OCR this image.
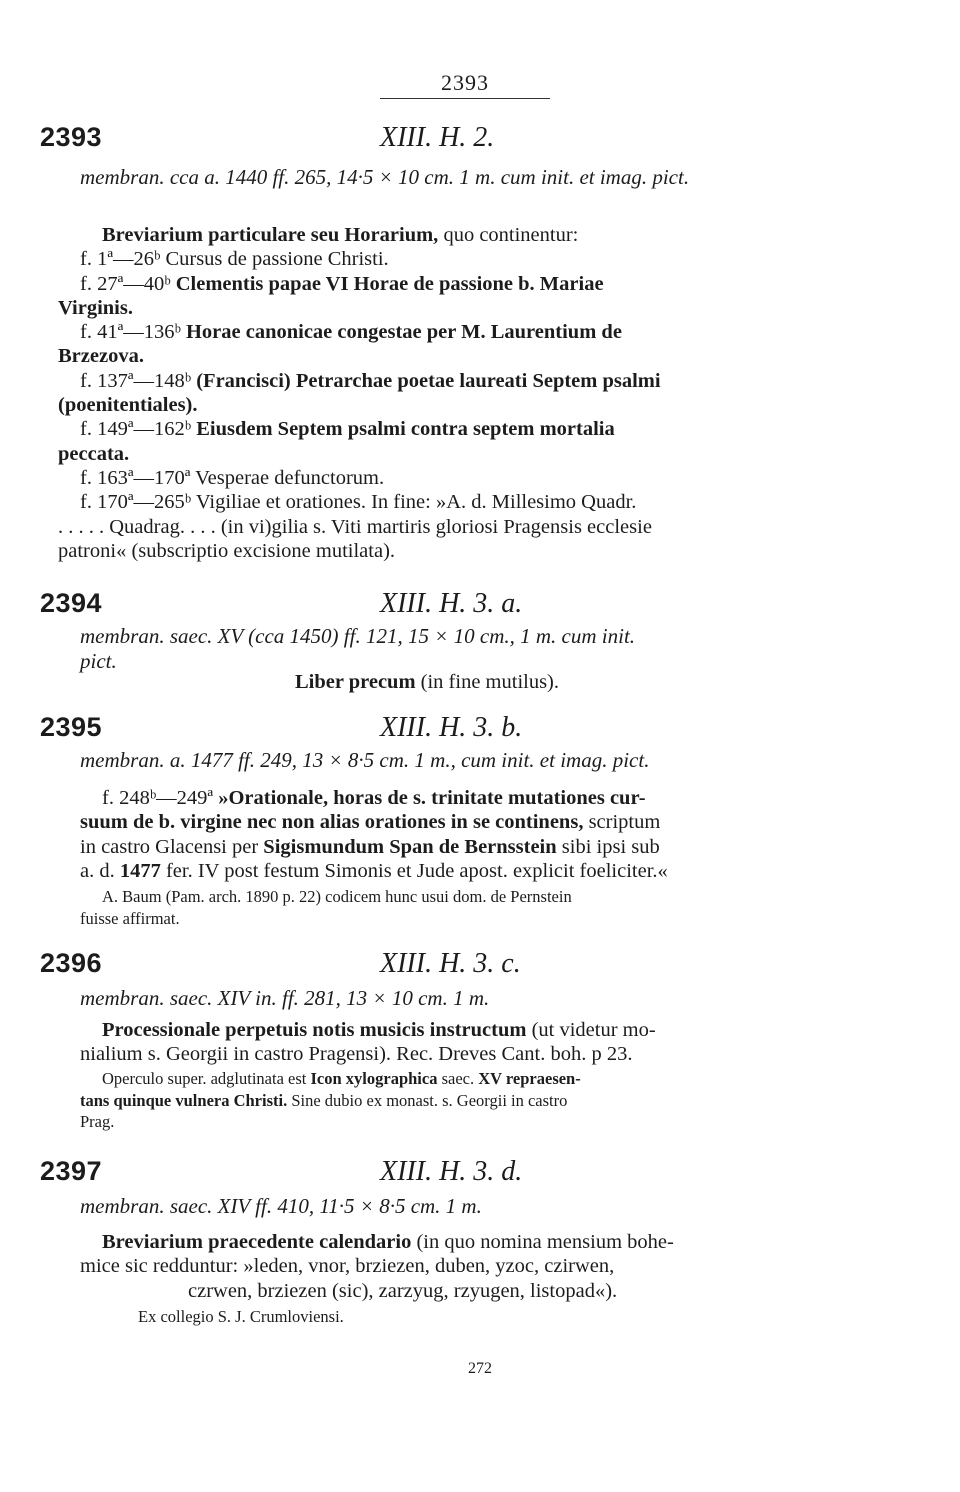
2393
2393	XIII. H. 2.
membran. cca a. 1440 ff. 265, 14·5 × 10 cm. 1 m. cum init. et imag. pict.
Breviarium particulare seu Horarium, quo continentur:
f. 1ª—26ᵇ Cursus de passione Christi.
f. 27ª—40ᵇ Clementis papae VI Horae de passione b. Mariae
Virginis.
f. 41ª—136ᵇ Horae canonicae congestae per M. Laurentium de
Brzezova.
f. 137ª—148ᵇ (Francisci) Petrarchae poetae laureati Septem psalmi
(poenitentiales).
f. 149ª—162ᵇ Eiusdem Septem psalmi contra septem mortalia
peccata.
f. 163ª—170ª Vesperae defunctorum.
f. 170ª—265ᵇ Vigiliae et orationes. In fine: »A. d. Millesimo Quadr.
. . . . . Quadrag. . . . (in vi)gilia s. Viti martiris gloriosi Pragensis ecclesie
patroni« (subscriptio excisione mutilata).
2394	XIII. H. 3. a.
membran. saec. XV (cca 1450) ff. 121, 15 × 10 cm., 1 m. cum init.
pict.
Liber precum (in fine mutilus).
2395	XIII. H. 3. b.
membran. a. 1477 ff. 249, 13 × 8·5 cm. 1 m., cum init. et imag. pict.
f. 248ᵇ—249ª »Orationale, horas de s. trinitate mutationes cur-
suum de b. virgine nec non alias orationes in se continens, scriptum
in castro Glacensi per Sigismundum Span de Bernsstein sibi ipsi sub
a. d. 1477 fer. IV post festum Simonis et Jude apost. explicit foeliciter.«
A. Baum (Pam. arch. 1890 p. 22) codicem hunc usui dom. de Pernstein
fuisse affirmat.
2396	XIII. H. 3. c.
membran. saec. XIV in. ff. 281, 13 × 10 cm. 1 m.
Processionale perpetuis notis musicis instructum (ut videtur mo-
nialium s. Georgii in castro Pragensi). Rec. Dreves Cant. boh. p 23.
Operculo super. adglutinata est Icon xylographica saec. XV repraesen-
tans quinque vulnera Christi. Sine dubio ex monast. s. Georgii in castro
Prag.
2397	XIII. H. 3. d.
membran. saec. XIV ff. 410, 11·5 × 8·5 cm. 1 m.
Breviarium praecedente calendario (in quo nomina mensium bohe-
mice sic redduntur: »leden, vnor, brziezen, duben, yzoc, czirwen,
czrwen, brziezen (sic), zarzyug, rzyugen, listopad«).
Ex collegio S. J. Crumloviensi.
272
